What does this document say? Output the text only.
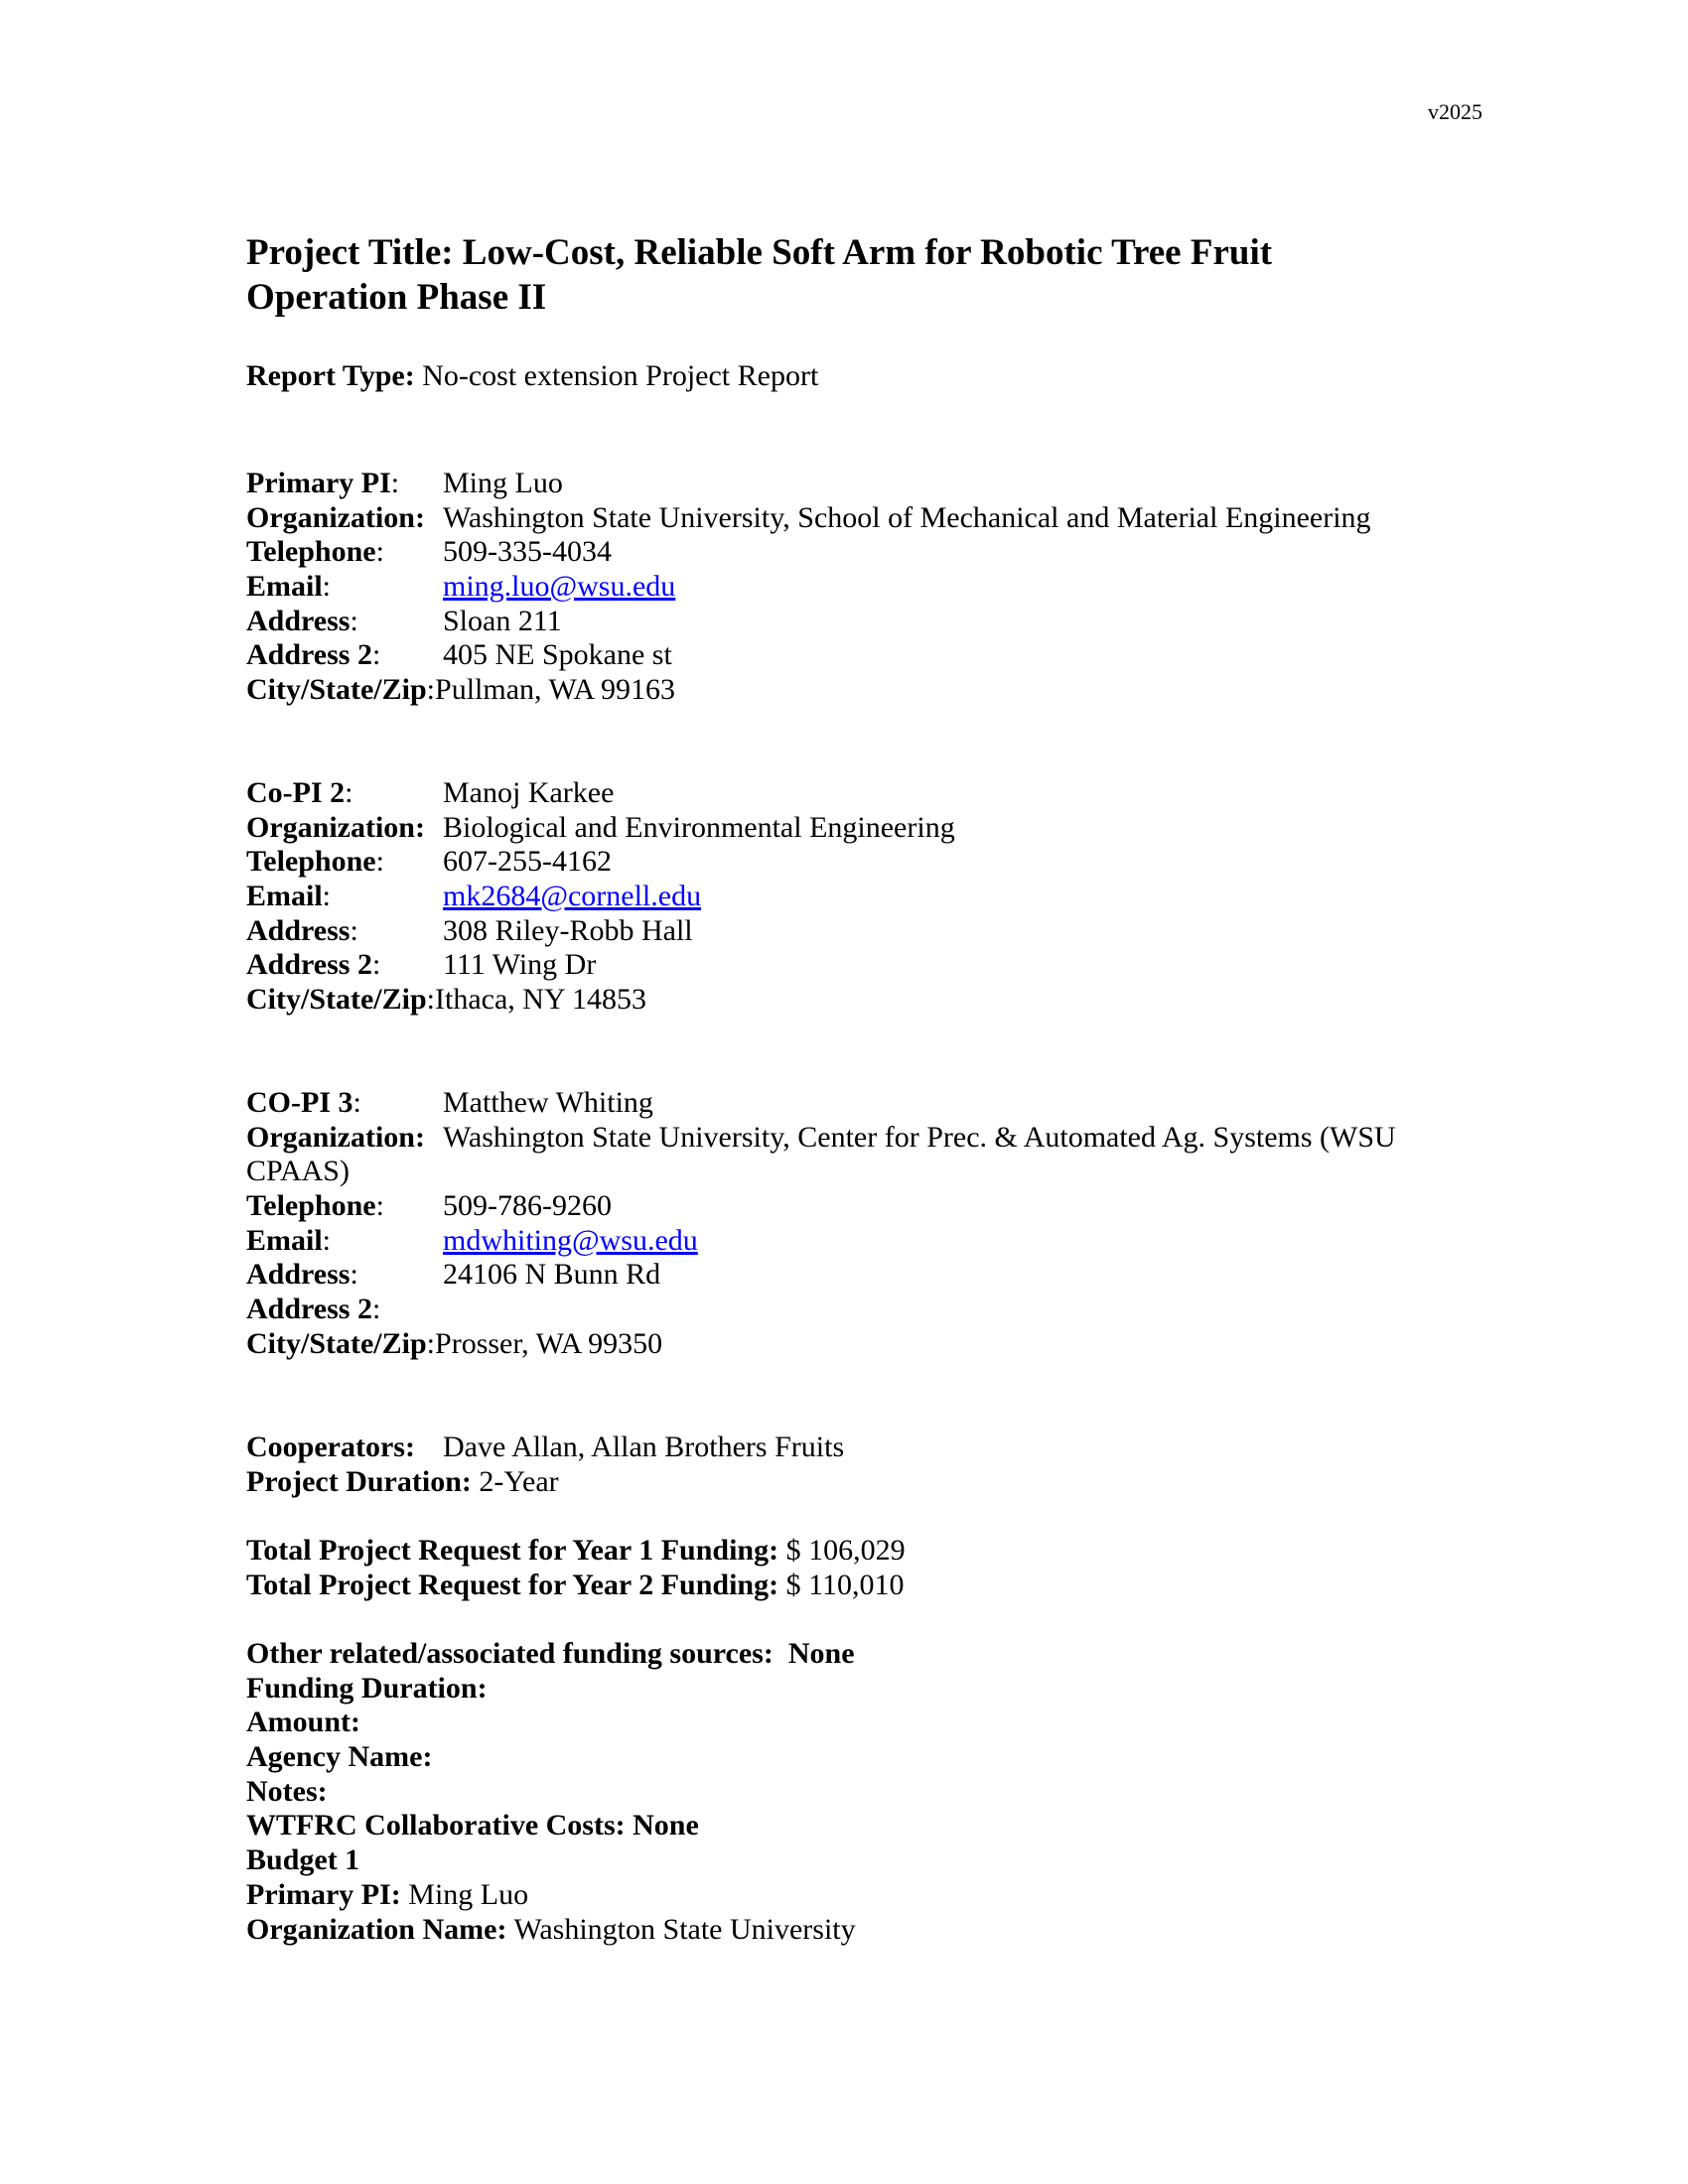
v2025
Project Title: Low-Cost, Reliable Soft Arm for Robotic Tree Fruit Operation Phase II
Report Type: No-cost extension Project Report
Primary PI: Ming Luo
Organization: Washington State University, School of Mechanical and Material Engineering
Telephone: 509-335-4034
Email:	ming.luo@wsu.edu
Address:	Sloan 211
Address 2: 405 NE Spokane st
City/State/Zip:Pullman, WA 99163
Co-PI 2:	Manoj Karkee
Organization: Biological and Environmental Engineering
Telephone: 607-255-4162
Email:	mk2684@cornell.edu
Address:	308 Riley-Robb Hall
Address 2: 111 Wing Dr
City/State/Zip:Ithaca, NY 14853
CO-PI 3:	Matthew Whiting
Organization: Washington State University, Center for Prec. & Automated Ag. Systems (WSU CPAAS)
Telephone: 509-786-9260
Email:	mdwhiting@wsu.edu
Address:	24106 N Bunn Rd
Address 2:
City/State/Zip:Prosser, WA 99350
Cooperators: Dave Allan, Allan Brothers Fruits
Project Duration: 2-Year
Total Project Request for Year 1 Funding: $ 106,029
Total Project Request for Year 2 Funding: $ 110,010
Other related/associated funding sources: None
Funding Duration:
Amount:
Agency Name:
Notes:
WTFRC Collaborative Costs: None
Budget 1
Primary PI: Ming Luo
Organization Name: Washington State University
